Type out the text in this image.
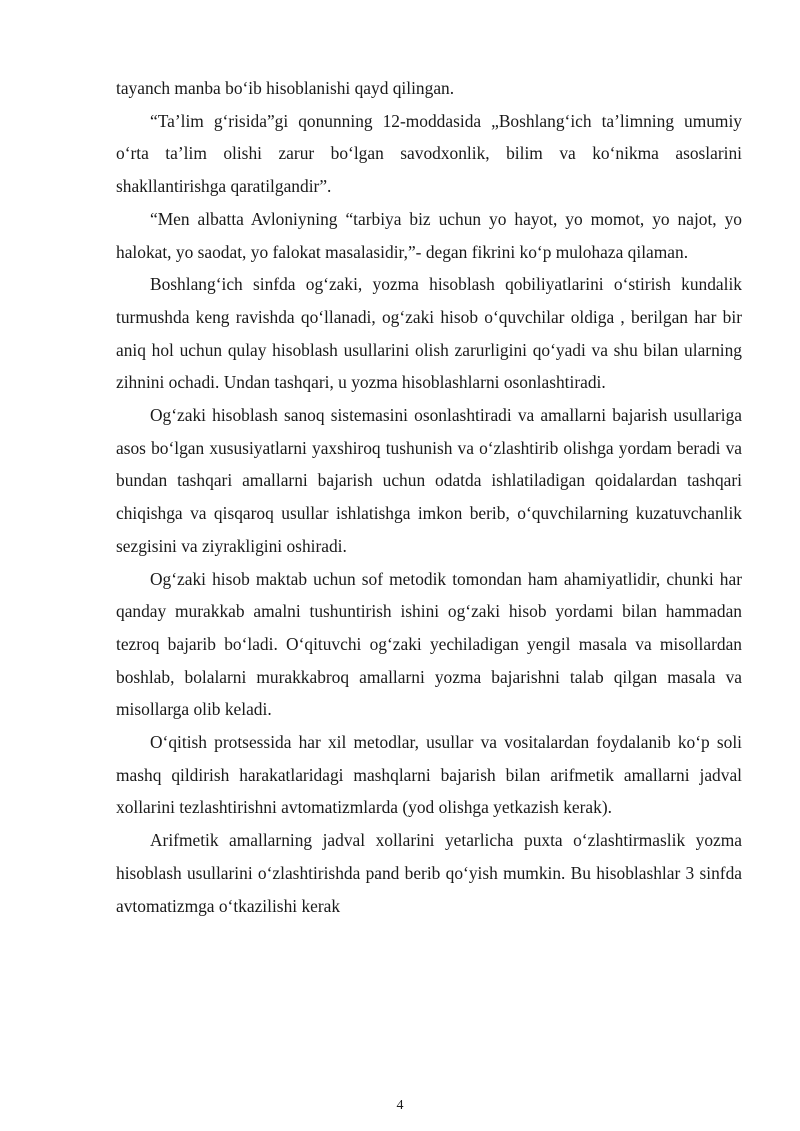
tayanch manba bo‘ib hisoblanishi qayd qilingan.

“Ta’lim g‘risida”gi qonunning 12-moddasida „Boshlang‘ich ta’limning umumiy o‘rta ta’lim olishi zarur bo‘lgan savodxonlik, bilim va ko‘nikma asoslarini shakllantirishga qaratilgandir”.

“Men albatta Avloniyning “tarbiya biz uchun yo hayot, yo momot, yo najot, yo halokat, yo saodat, yo falokat masalasidir,”- degan fikrini ko‘p mulohaza qilaman.

Boshlang‘ich sinfda og‘zaki, yozma hisoblash qobiliyatlarini o‘stirish kundalik turmushda keng ravishda qo‘llanadi, og‘zaki hisob o‘quvchilar oldiga , berilgan har bir aniq hol uchun qulay hisoblash usullarini olish zarurligini qo‘yadi va shu bilan ularning zihnini ochadi. Undan tashqari, u yozma hisoblashlarni osonlashtiradi.

Og‘zaki hisoblash sanoq sistemasini osonlashtiradi va amallarni bajarish usullariga asos bo‘lgan xususiyatlarni yaxshiroq tushunish va o‘zlashtirib olishga yordam beradi va bundan tashqari amallarni bajarish uchun odatda ishlatiladigan qoidalardan tashqari chiqishga va qisqaroq usullar ishlatishga imkon berib, o‘quvchilarning kuzatuvchanlik sezgisini va ziyrakligini oshiradi.

Og‘zaki hisob maktab uchun sof metodik tomondan ham ahamiyatlidir, chunki har qanday murakkab amalni tushuntirish ishini og‘zaki hisob yordami bilan hammadan tezroq bajarib bo‘ladi. O‘qituvchi og‘zaki yechiladigan yengil masala va misollardan boshlab, bolalarni murakkabroq amallarni yozma bajarishni talab qilgan masala va misollarga olib keladi.

O‘qitish protsessida har xil metodlar, usullar va vositalardan foydalanib ko‘p soli mashq qildirish harakatlaridagi mashqlarni bajarish bilan arifmetik amallarni jadval xollarini tezlashtirishni avtomatizmlarda (yod olishga yetkazish kerak).

Arifmetik amallarning jadval xollarini yetarlicha puxta o‘zlashtirmaslik yozma hisoblash usullarini o‘zlashtirishda pand berib qo‘yish mumkin. Bu hisoblashlar 3 sinfda avtomatizmga o‘tkazilishi kerak

4
